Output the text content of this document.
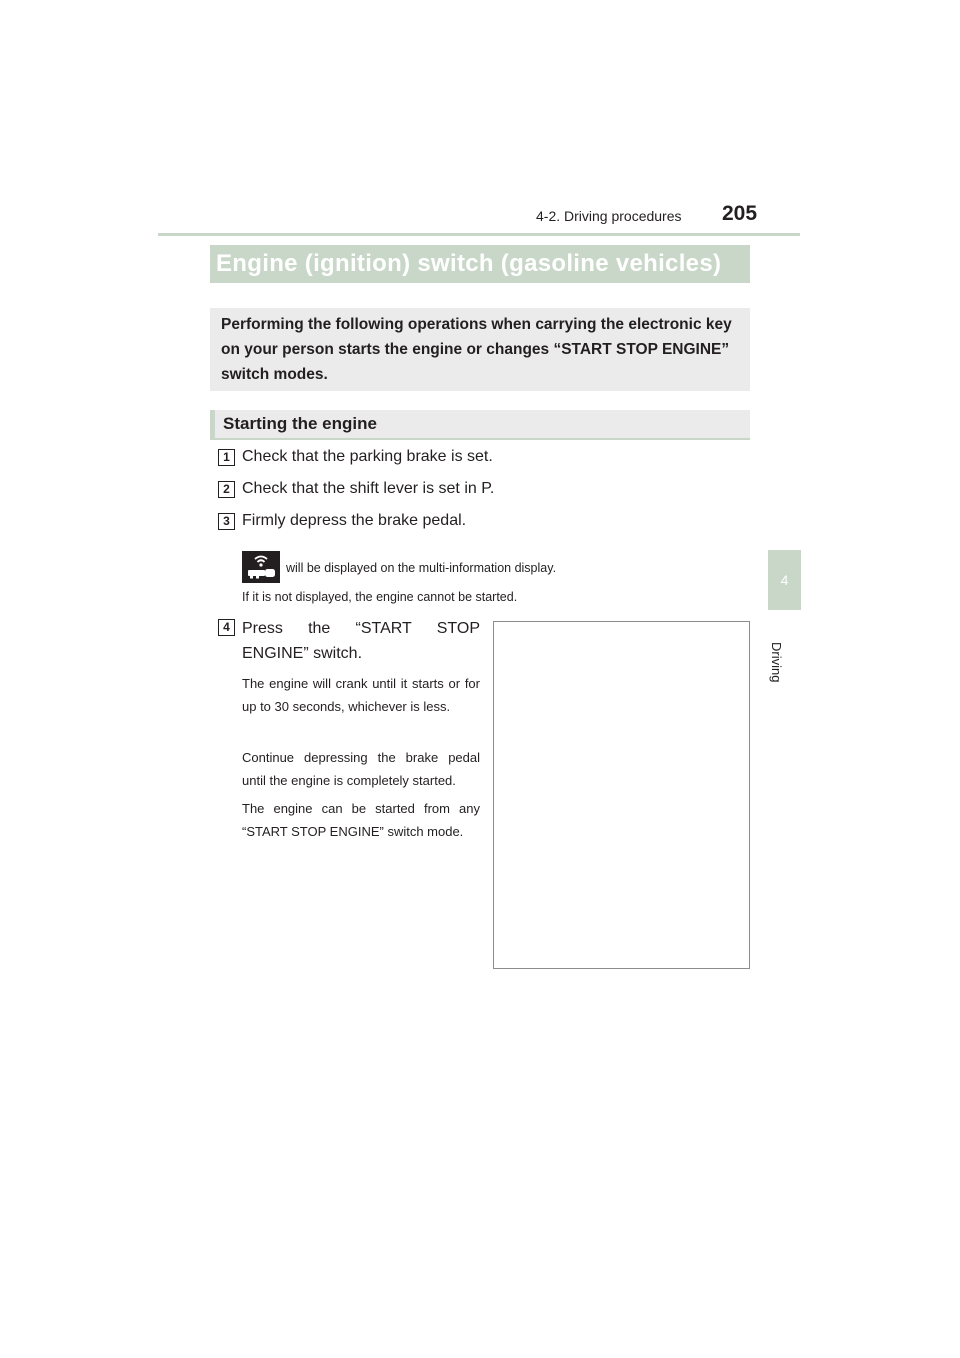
4-2. Driving procedures 205
4
Driving
Engine (ignition) switch (gasoline vehicles)
Performing the following operations when carrying the electronic key on your person starts the engine or changes “START STOP ENGINE” switch modes.
Starting the engine
1 Check that the parking brake is set.
2 Check that the shift lever is set in P.
3 Firmly depress the brake pedal.
will be displayed on the multi-information display.
If it is not displayed, the engine cannot be started.
4 Press the “START STOP ENGINE” switch.
The engine will crank until it starts or for up to 30 seconds, whichever is less.
Continue depressing the brake pedal until the engine is completely started.
The engine can be started from any “START STOP ENGINE” switch mode.
